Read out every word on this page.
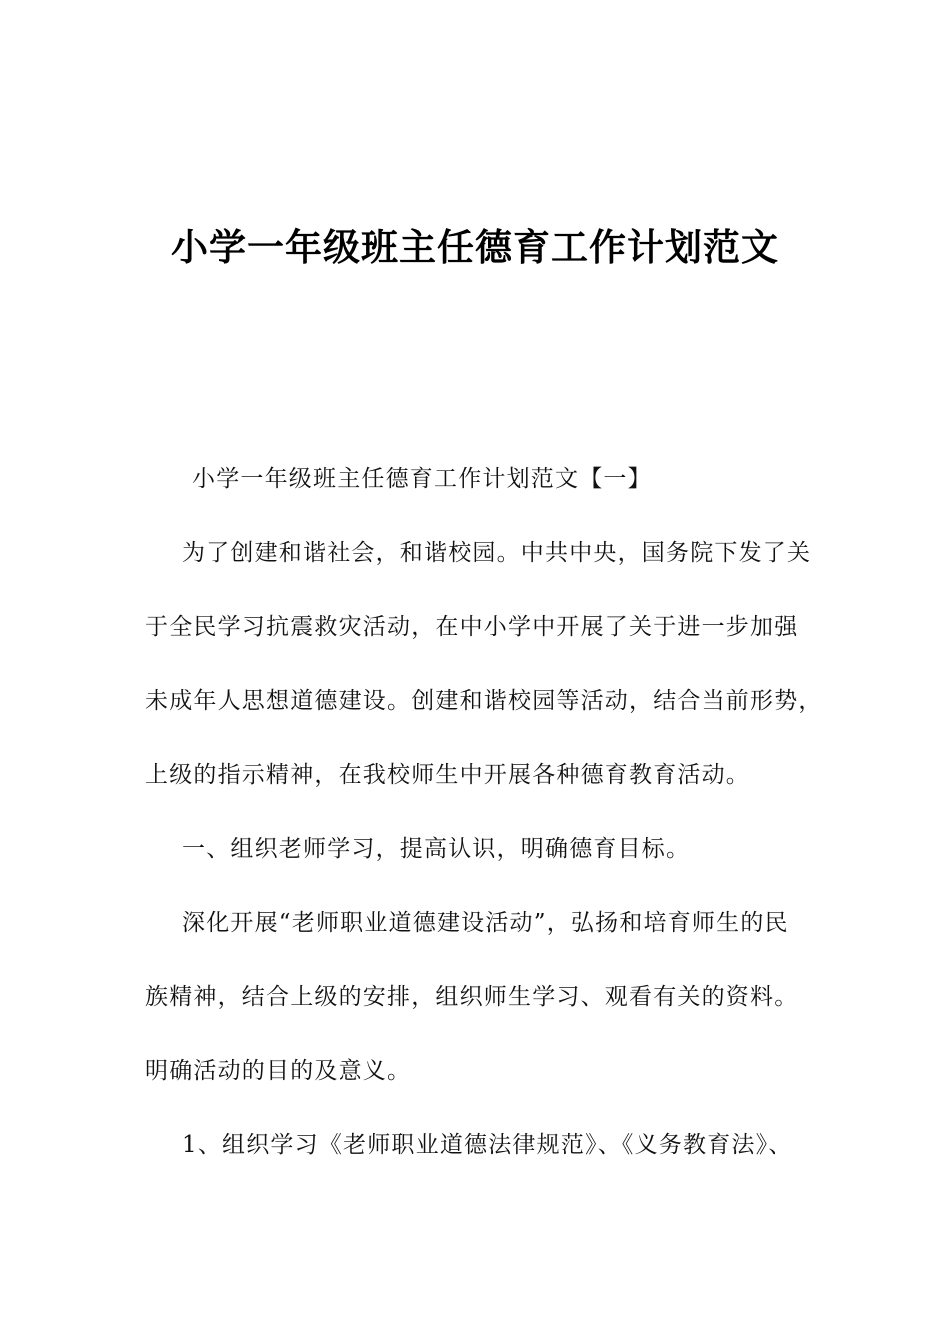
小学一年级班主任德育工作计划范文
小学一年级班主任德育工作计划范文【一】
为了创建和谐社会，和谐校园。中共中央，国务院下发了关
于全民学习抗震救灾活动，在中小学中开展了关于进一步加强
未成年人思想道德建设。创建和谐校园等活动，结合当前形势，
上级的指示精神，在我校师生中开展各种德育教育活动。
一、组织老师学习，提高认识，明确德育目标。
深化开展“老师职业道德建设活动”，弘扬和培育师生的民
族精神，结合上级的安排，组织师生学习、观看有关的资料。
明确活动的目的及意义。
1、组织学习《老师职业道德法律规范》、《义务教育法》、
